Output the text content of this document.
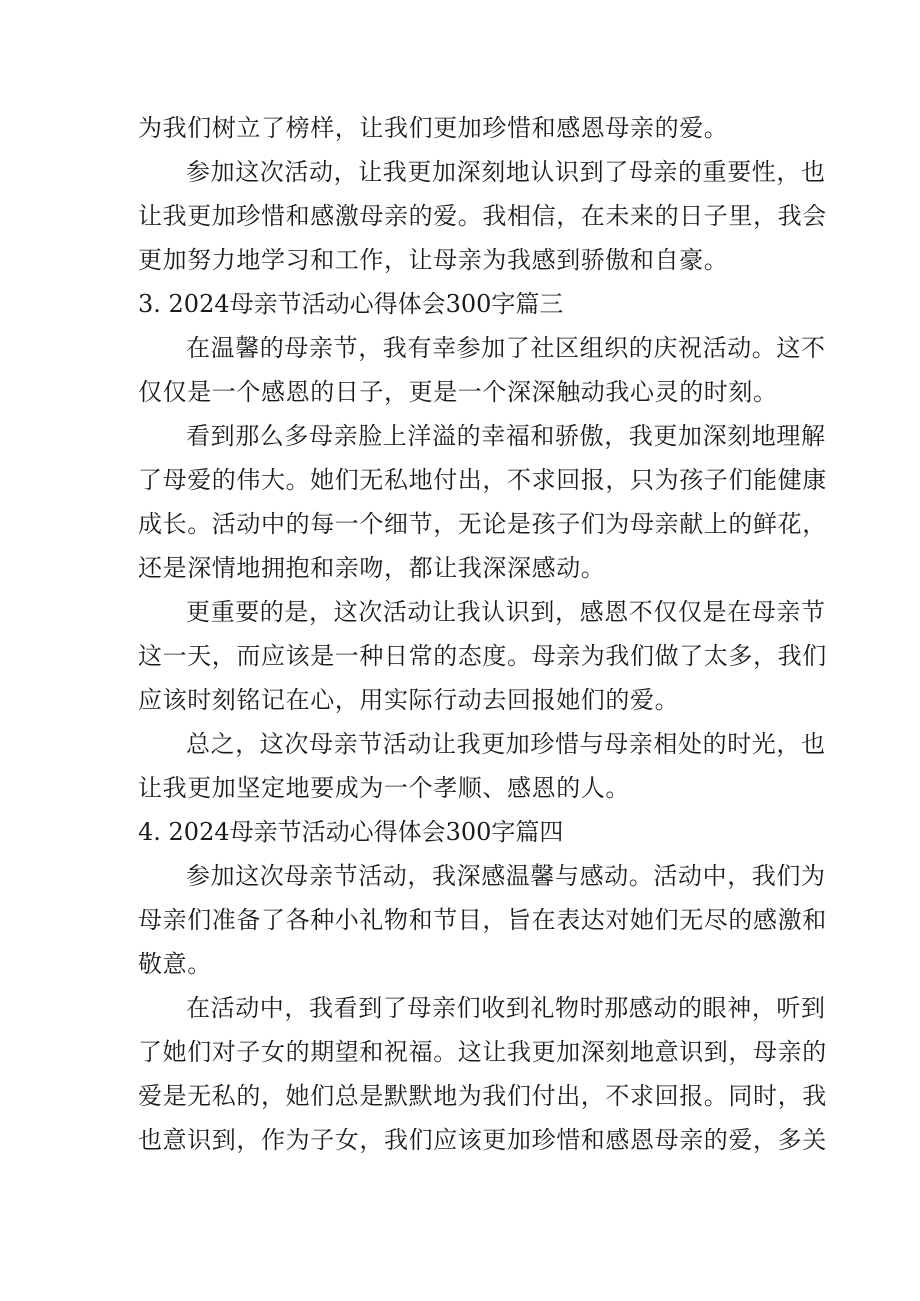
为我们树立了榜样，让我们更加珍惜和感恩母亲的爱。
参加这次活动，让我更加深刻地认识到了母亲的重要性，也
让我更加珍惜和感激母亲的爱。我相信，在未来的日子里，我会
更加努力地学习和工作，让母亲为我感到骄傲和自豪。
3. 2024母亲节活动心得体会300字篇三
在温馨的母亲节，我有幸参加了社区组织的庆祝活动。这不
仅仅是一个感恩的日子，更是一个深深触动我心灵的时刻。
看到那么多母亲脸上洋溢的幸福和骄傲，我更加深刻地理解
了母爱的伟大。她们无私地付出，不求回报，只为孩子们能健康
成长。活动中的每一个细节，无论是孩子们为母亲献上的鲜花，
还是深情地拥抱和亲吻，都让我深深感动。
更重要的是，这次活动让我认识到，感恩不仅仅是在母亲节
这一天，而应该是一种日常的态度。母亲为我们做了太多，我们
应该时刻铭记在心，用实际行动去回报她们的爱。
总之，这次母亲节活动让我更加珍惜与母亲相处的时光，也
让我更加坚定地要成为一个孝顺、感恩的人。
4. 2024母亲节活动心得体会300字篇四
参加这次母亲节活动，我深感温馨与感动。活动中，我们为
母亲们准备了各种小礼物和节目，旨在表达对她们无尽的感激和
敬意。
在活动中，我看到了母亲们收到礼物时那感动的眼神，听到
了她们对子女的期望和祝福。这让我更加深刻地意识到，母亲的
爱是无私的，她们总是默默地为我们付出，不求回报。同时，我
也意识到，作为子女，我们应该更加珍惜和感恩母亲的爱，多关
